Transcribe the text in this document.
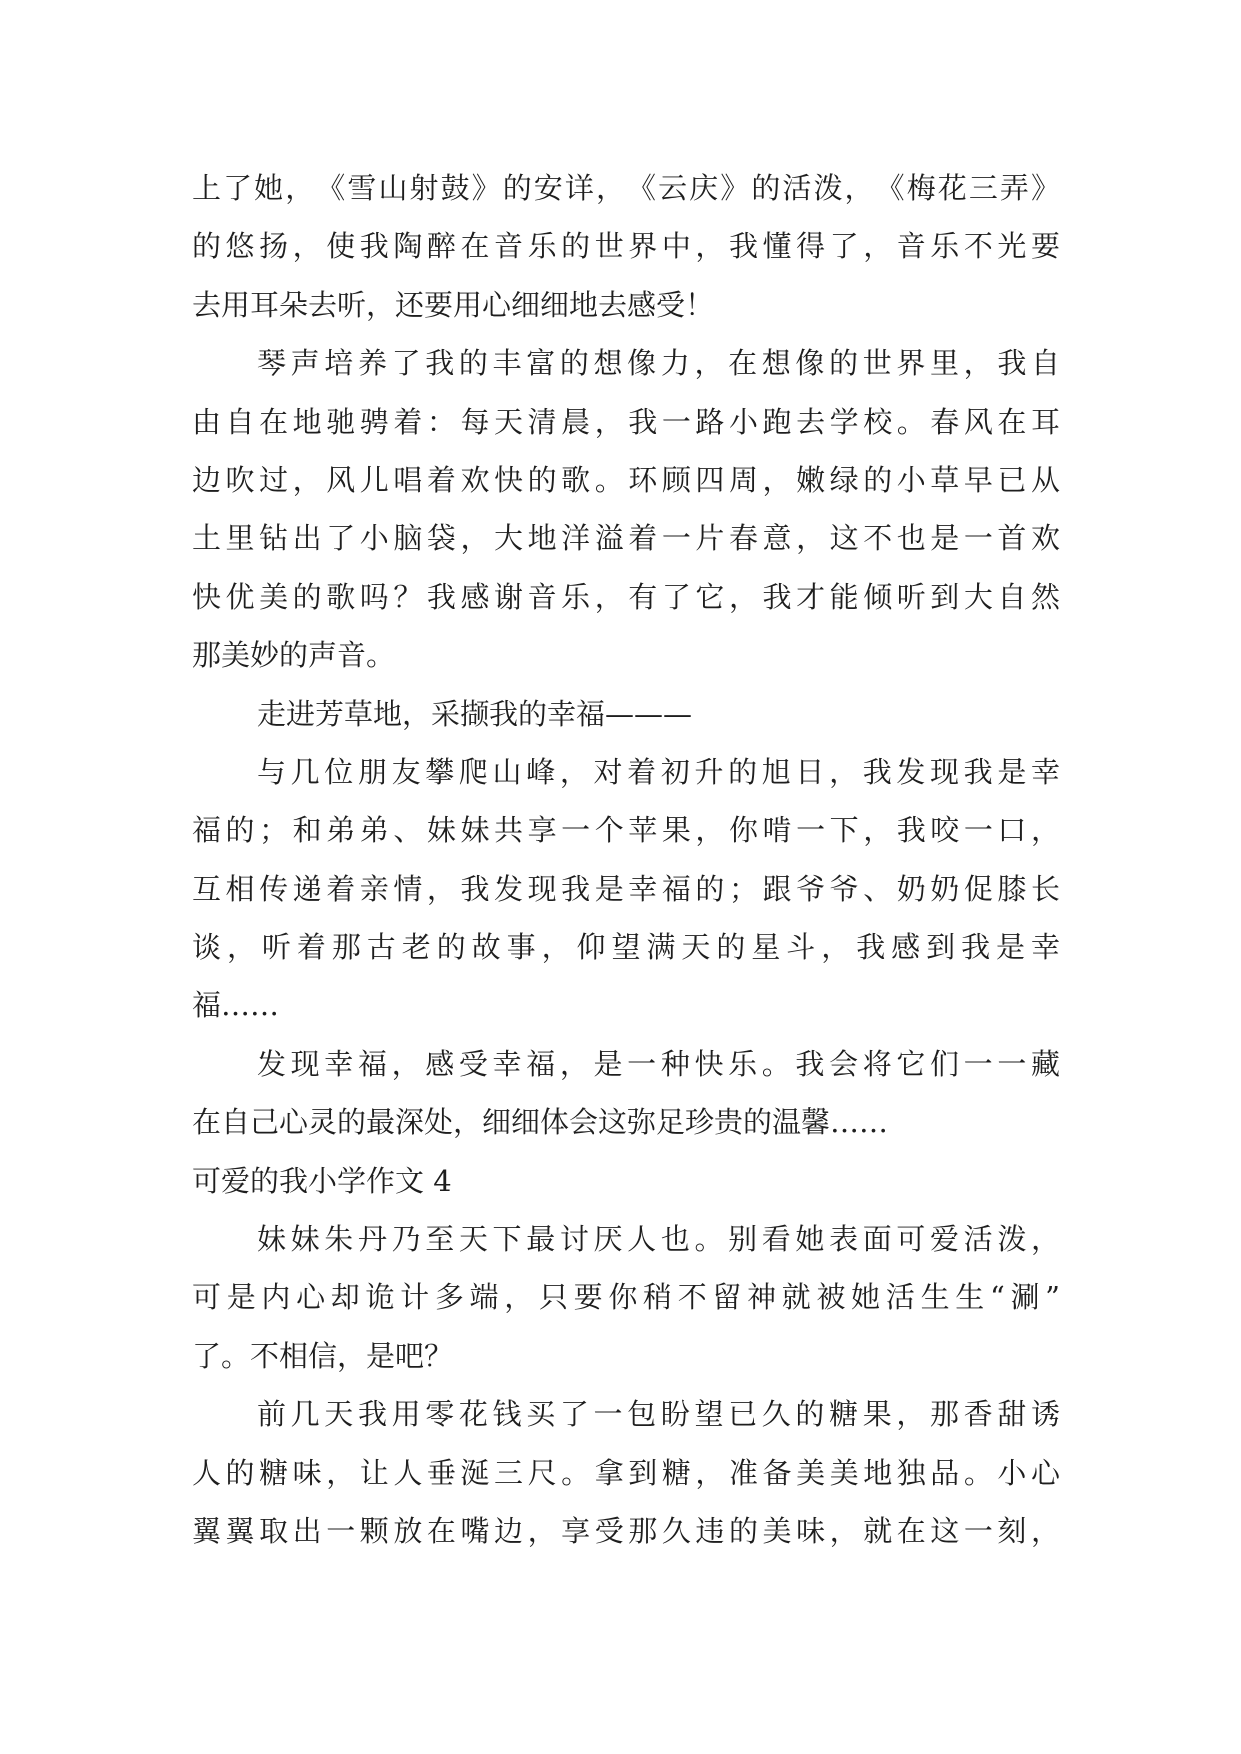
上了她，《雪山射鼓》的安详，《云庆》的活泼，《梅花三弄》
的悠扬，使我陶醉在音乐的世界中，我懂得了，音乐不光要
去用耳朵去听，还要用心细细地去感受！
琴声培养了我的丰富的想像力，在想像的世界里，我自
由自在地驰骋着：每天清晨，我一路小跑去学校。春风在耳
边吹过，风儿唱着欢快的歌。环顾四周，嫩绿的小草早已从
土里钻出了小脑袋，大地洋溢着一片春意，这不也是一首欢
快优美的歌吗？我感谢音乐，有了它，我才能倾听到大自然
那美妙的声音。
走进芳草地，采撷我的幸福———
与几位朋友攀爬山峰，对着初升的旭日，我发现我是幸
福的；和弟弟、妹妹共享一个苹果，你啃一下，我咬一口，
互相传递着亲情，我发现我是幸福的；跟爷爷、奶奶促膝长
谈，听着那古老的故事，仰望满天的星斗，我感到我是幸
福……
发现幸福，感受幸福，是一种快乐。我会将它们一一藏
在自己心灵的最深处，细细体会这弥足珍贵的温馨……
可爱的我小学作文 4
妹妹朱丹乃至天下最讨厌人也。别看她表面可爱活泼，
可是内心却诡计多端，只要你稍不留神就被她活生生“涮”
了。不相信，是吧？
前几天我用零花钱买了一包盼望已久的糖果，那香甜诱
人的糖味，让人垂涎三尺。拿到糖，准备美美地独品。小心
翼翼取出一颗放在嘴边，享受那久违的美味，就在这一刻，
